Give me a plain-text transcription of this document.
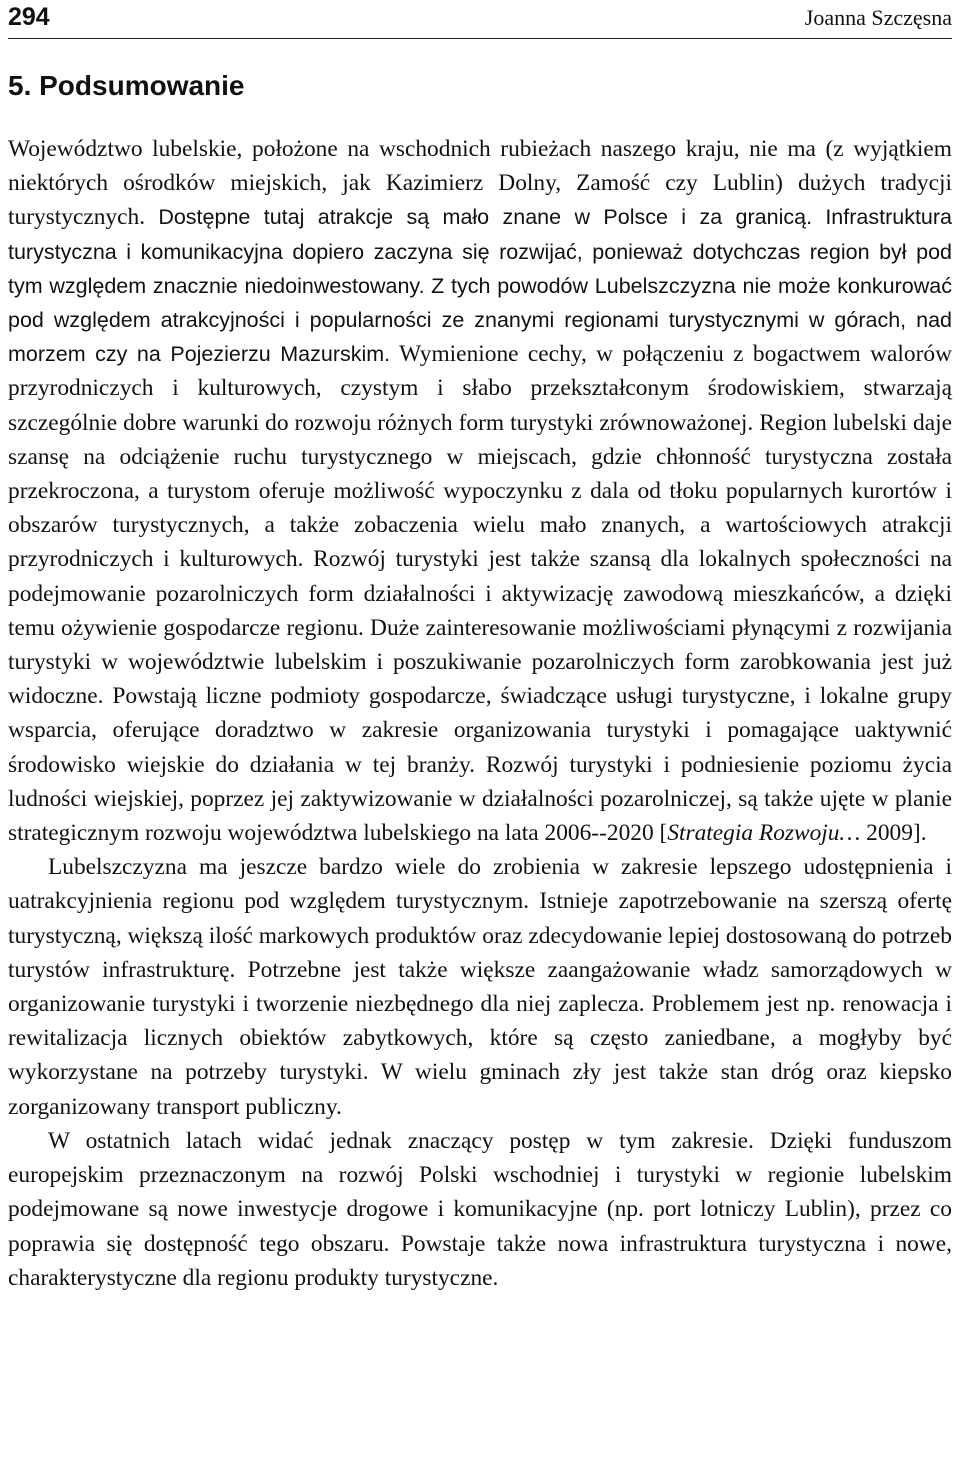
294	Joanna Szczęsna
5. Podsumowanie

Województwo lubelskie, położone na wschodnich rubieżach naszego kraju, nie ma (z wyjątkiem niektórych ośrodków miejskich, jak Kazimierz Dolny, Zamość czy Lublin) dużych tradycji turystycznych. Dostępne tutaj atrakcje są mało znane w Polsce i za granicą. Infrastruktura turystyczna i komunikacyjna dopiero zaczyna się rozwijać, ponieważ dotychczas region był pod tym względem znacznie niedoinwestowany. Z tych powodów Lubelszczyzna nie może konkurować pod względem atrakcyjności i popularności ze znanymi regionami turystycznymi w górach, nad morzem czy na Pojezierzu Mazurskim. Wymienione cechy, w połączeniu z bogactwem walorów przyrodniczych i kulturowych, czystym i słabo przekształconym środowiskiem, stwarzają szczególnie dobre warunki do rozwoju różnych form turystyki zrównoważonej. Region lubelski daje szansę na odciążenie ruchu turystycznego w miejscach, gdzie chłonność turystyczna została przekroczona, a turystom oferuje możliwość wypoczynku z dala od tłoku popularnych kurortów i obszarów turystycznych, a także zobaczenia wielu mało znanych, a wartościowych atrakcji przyrodniczych i kulturowych. Rozwój turystyki jest także szansą dla lokalnych społeczności na podejmowanie pozarolniczych form działalności i aktywizację zawodową mieszkańców, a dzięki temu ożywienie gospodarcze regionu. Duże zainteresowanie możliwościami płynącymi z rozwijania turystyki w województwie lubelskim i poszukiwanie pozarolniczych form zarobkowania jest już widoczne. Powstają liczne podmioty gospodarcze, świadczące usługi turystyczne, i lokalne grupy wsparcia, oferujące doradztwo w zakresie organizowania turystyki i pomagające uaktywnić środowisko wiejskie do działania w tej branży. Rozwój turystyki i podniesienie poziomu życia ludności wiejskiej, poprzez jej zaktywizowanie w działalności pozarolniczej, są także ujęte w planie strategicznym rozwoju województwa lubelskiego na lata 2006--2020 [Strategia Rozwoju… 2009].

Lubelszczyzna ma jeszcze bardzo wiele do zrobienia w zakresie lepszego udostępnienia i uatrakcyjnienia regionu pod względem turystycznym. Istnieje zapotrzebowanie na szerszą ofertę turystyczną, większą ilość markowych produktów oraz zdecydowanie lepiej dostosowaną do potrzeb turystów infrastrukturę. Potrzebne jest także większe zaangażowanie władz samorządowych w organizowanie turystyki i tworzenie niezbędnego dla niej zaplecza. Problemem jest np. renowacja i rewitalizacja licznych obiektów zabytkowych, które są często zaniedbane, a mogłyby być wykorzystane na potrzeby turystyki. W wielu gminach zły jest także stan dróg oraz kiepsko zorganizowany transport publiczny.

W ostatnich latach widać jednak znaczący postęp w tym zakresie. Dzięki funduszom europejskim przeznaczonym na rozwój Polski wschodniej i turystyki w regionie lubelskim podejmowane są nowe inwestycje drogowe i komunikacyjne (np. port lotniczy Lublin), przez co poprawia się dostępność tego obszaru. Powstaje także nowa infrastruktura turystyczna i nowe, charakterystyczne dla regionu produkty turystyczne.
